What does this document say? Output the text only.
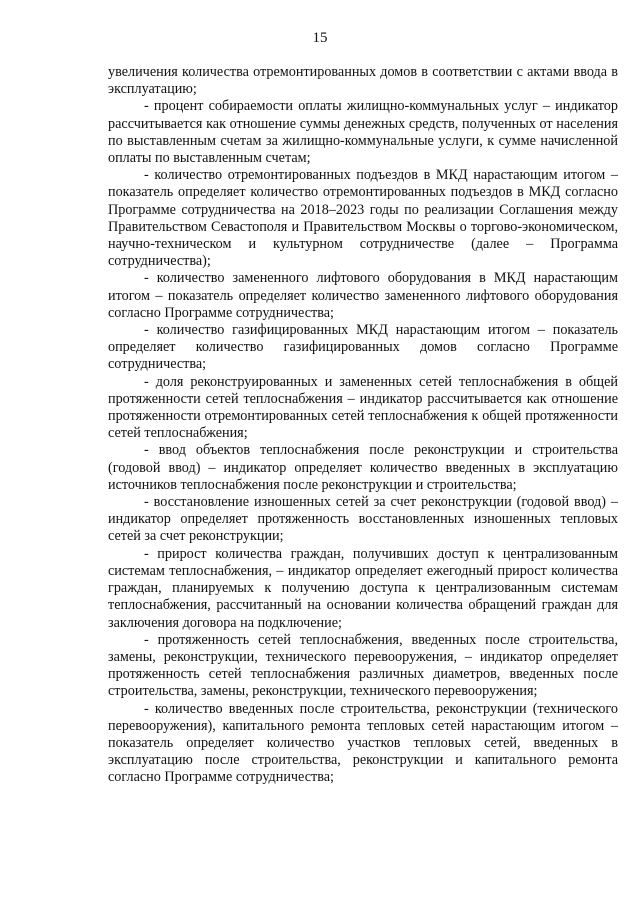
15

увеличения количества отремонтированных домов в соответствии с актами ввода в эксплуатацию;

- процент собираемости оплаты жилищно-коммунальных услуг – индикатор рассчитывается как отношение суммы денежных средств, полученных от населения по выставленным счетам за жилищно-коммунальные услуги, к сумме начисленной оплаты по выставленным счетам;

- количество отремонтированных подъездов в МКД нарастающим итогом – показатель определяет количество отремонтированных подъездов в МКД согласно Программе сотрудничества на 2018–2023 годы по реализации Соглашения между Правительством Севастополя и Правительством Москвы о торгово-экономическом, научно-техническом и культурном сотрудничестве (далее – Программа сотрудничества);

- количество замененного лифтового оборудования в МКД нарастающим итогом – показатель определяет количество замененного лифтового оборудования согласно Программе сотрудничества;

- количество газифицированных МКД нарастающим итогом – показатель определяет количество газифицированных домов согласно Программе сотрудничества;

- доля реконструированных и замененных сетей теплоснабжения в общей протяженности сетей теплоснабжения – индикатор рассчитывается как отношение протяженности отремонтированных сетей теплоснабжения к общей протяженности сетей теплоснабжения;

- ввод объектов теплоснабжения после реконструкции и строительства (годовой ввод) – индикатор определяет количество введенных в эксплуатацию источников теплоснабжения после реконструкции и строительства;

- восстановление изношенных сетей за счет реконструкции (годовой ввод) – индикатор определяет протяженность восстановленных изношенных тепловых сетей за счет реконструкции;

- прирост количества граждан, получивших доступ к централизованным системам теплоснабжения, – индикатор определяет ежегодный прирост количества граждан, планируемых к получению доступа к централизованным системам теплоснабжения, рассчитанный на основании количества обращений граждан для заключения договора на подключение;

- протяженность сетей теплоснабжения, введенных после строительства, замены, реконструкции, технического перевооружения, – индикатор определяет протяженность сетей теплоснабжения различных диаметров, введенных после строительства, замены, реконструкции, технического перевооружения;

- количество введенных после строительства, реконструкции (технического перевооружения), капитального ремонта тепловых сетей нарастающим итогом – показатель определяет количество участков тепловых сетей, введенных в эксплуатацию после строительства, реконструкции и капитального ремонта согласно Программе сотрудничества;
